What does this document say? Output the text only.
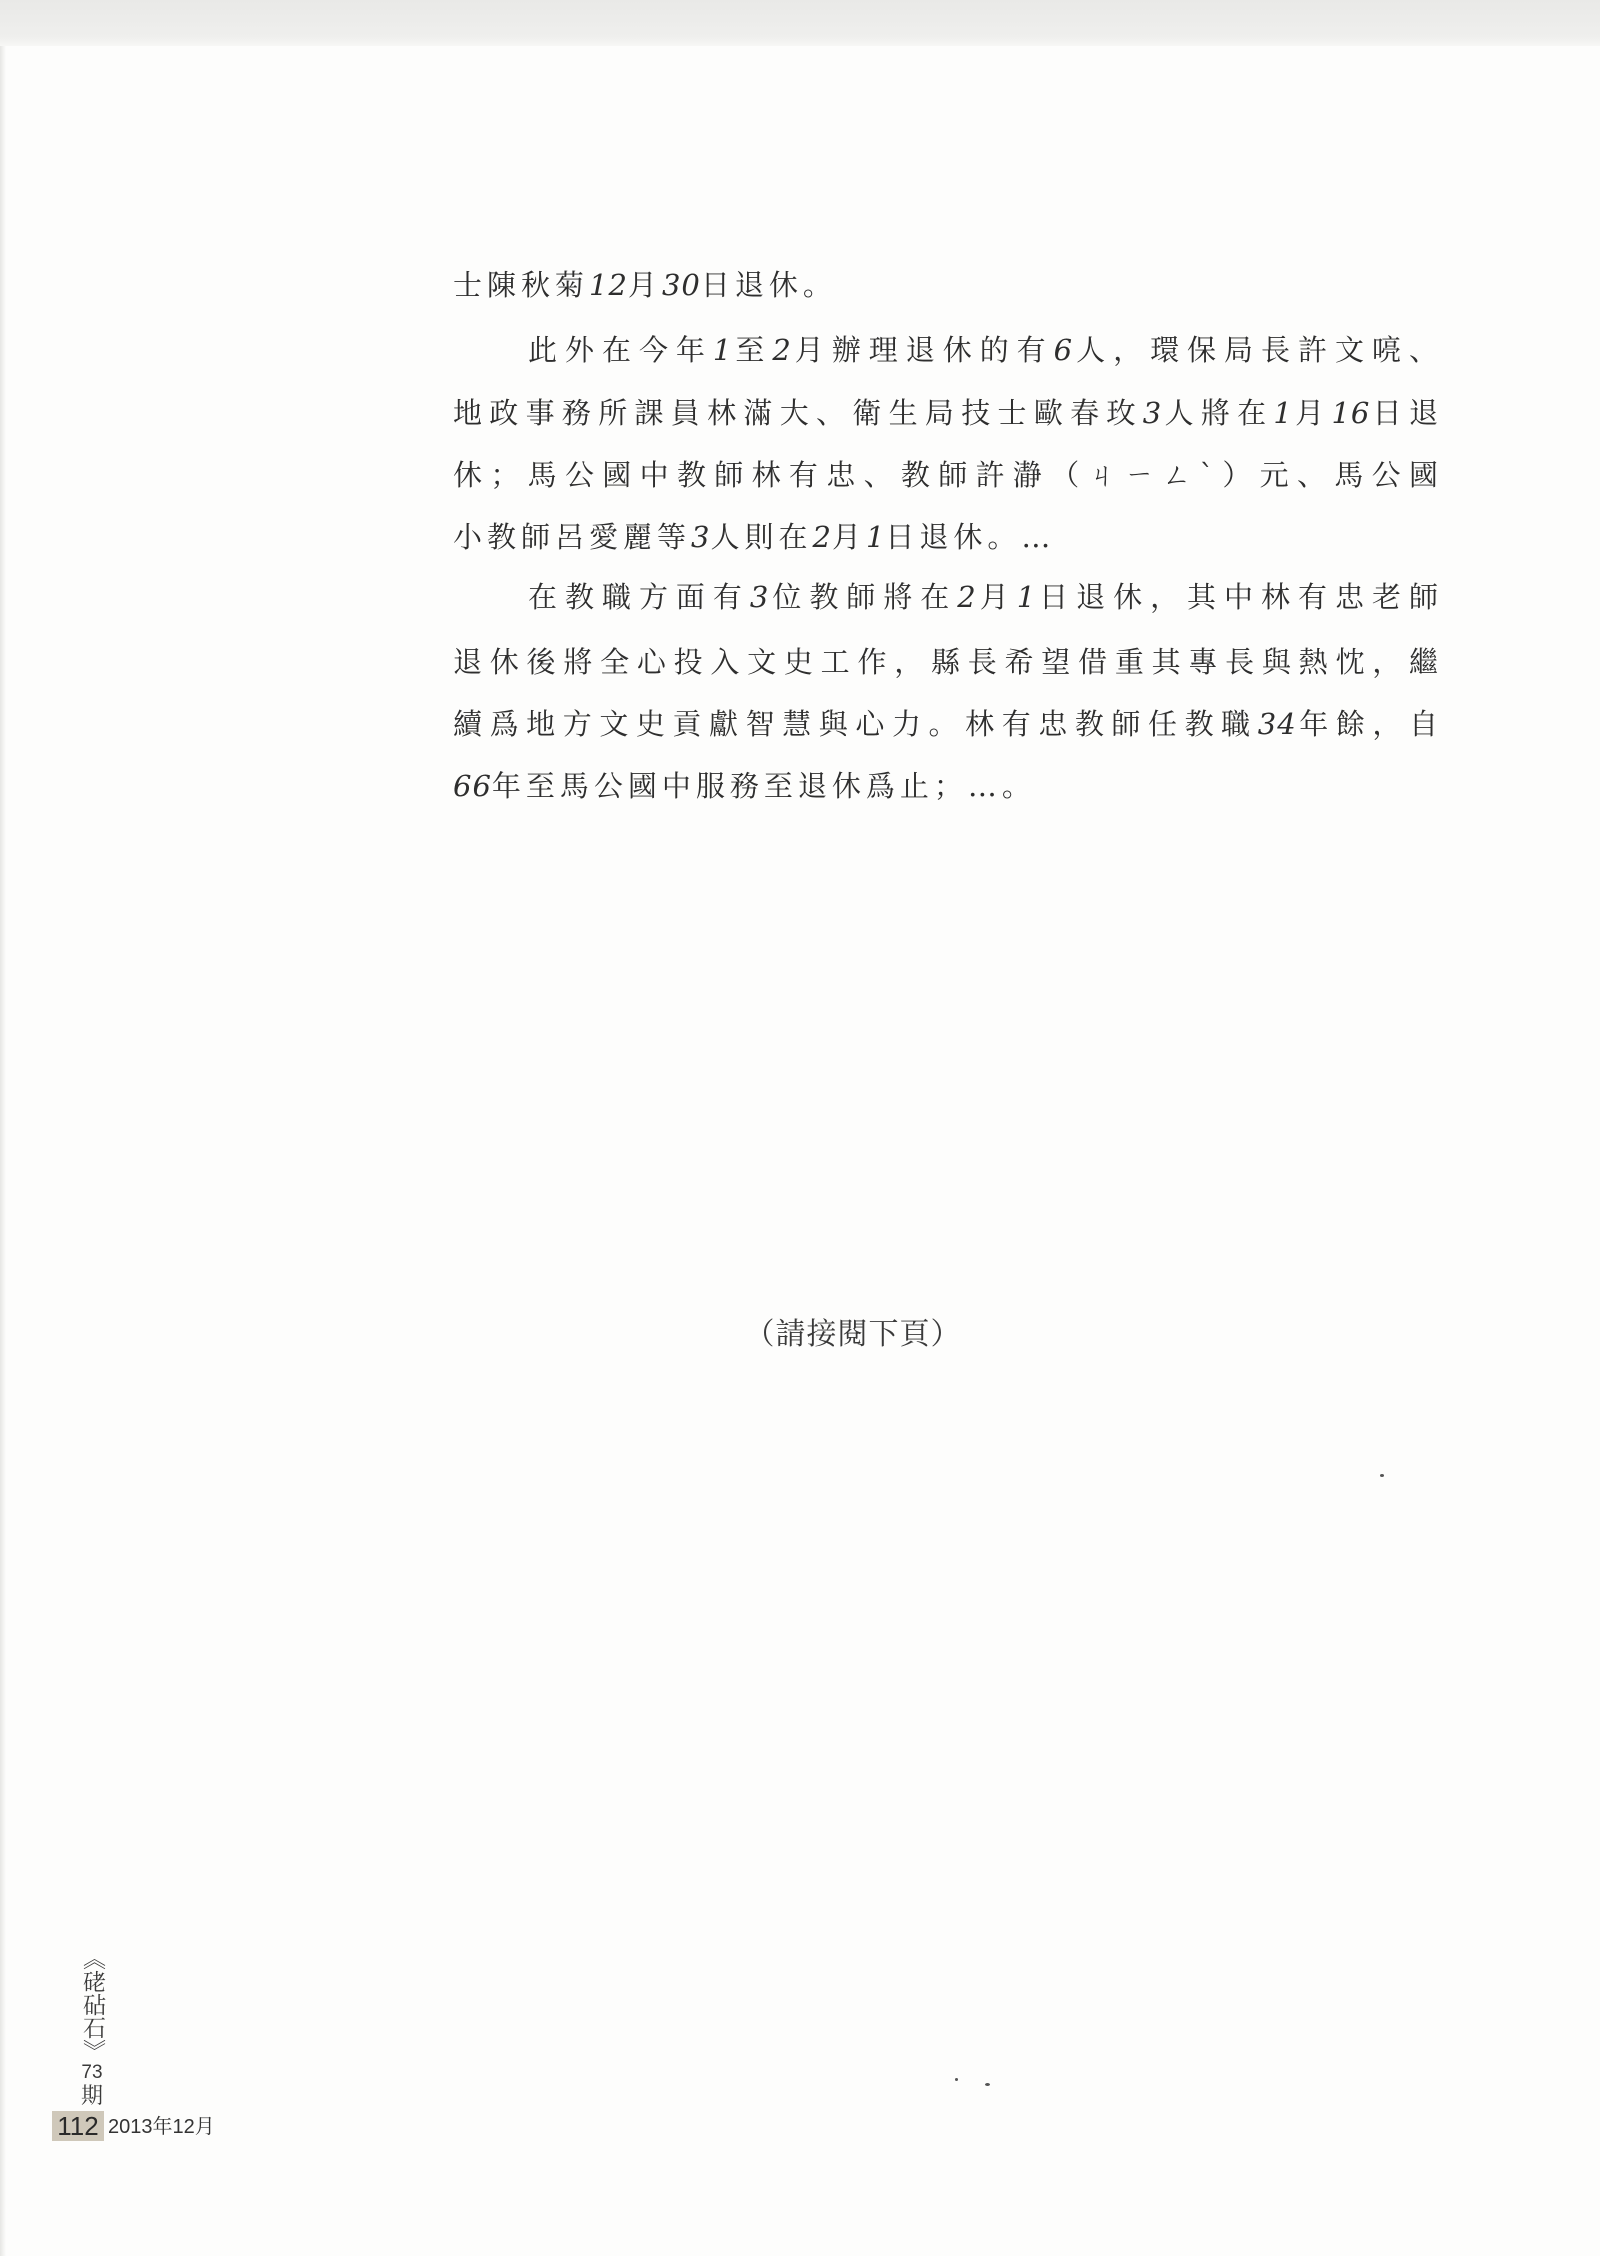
士陳秋菊12月30日退休。
此外在今年1至2月辦理退休的有6人，環保局長許文喨、
地政事務所課員林滿大、衛生局技士歐春玫3人將在1月16日退
休；馬公國中教師林有忠、教師許瀞（ㄐㄧㄥˋ）元、馬公國
小教師呂愛麗等3人則在2月1日退休。…
在教職方面有3位教師將在2月1日退休，其中林有忠老師
退休後將全心投入文史工作，縣長希望借重其專長與熱忱，繼
續爲地方文史貢獻智慧與心力。林有忠教師任教職34年餘，自
66年至馬公國中服務至退休爲止；…。
（請接閱下頁）
《硓砧石》
73
期
112 2013年12月
